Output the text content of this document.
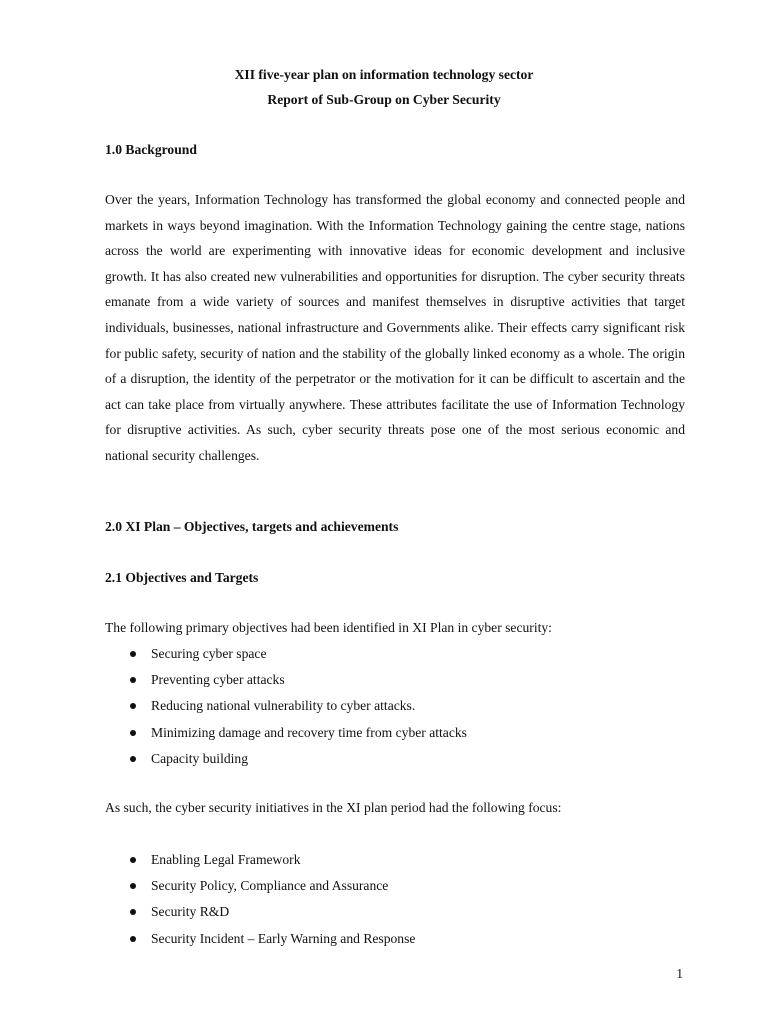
XII five-year plan on information technology sector
Report of Sub-Group on Cyber Security
1.0 Background

Over the years, Information Technology has transformed the global economy and connected people and markets in ways beyond imagination. With the Information Technology gaining the centre stage, nations across the world are experimenting with innovative ideas for economic development and inclusive growth. It has also created new vulnerabilities and opportunities for disruption. The cyber security threats emanate from a wide variety of sources and manifest themselves in disruptive activities that target individuals, businesses, national infrastructure and Governments alike. Their effects carry significant risk for public safety, security of nation and the stability of the globally linked economy as a whole. The origin of a disruption, the identity of the perpetrator or the motivation for it can be difficult to ascertain and the act can take place from virtually anywhere. These attributes facilitate the use of Information Technology for disruptive activities. As such, cyber security threats pose one of the most serious economic and national security challenges.

2.0 XI Plan – Objectives, targets and achievements
2.1 Objectives and Targets
The following primary objectives had been identified in XI Plan in cyber security:
Securing cyber space
Preventing cyber attacks
Reducing national vulnerability to cyber attacks.
Minimizing damage and recovery time from cyber attacks
Capacity building
As such, the cyber security initiatives in the XI plan period had the following focus:
Enabling Legal Framework
Security Policy, Compliance and Assurance
Security R&D
Security Incident – Early Warning and Response
1
